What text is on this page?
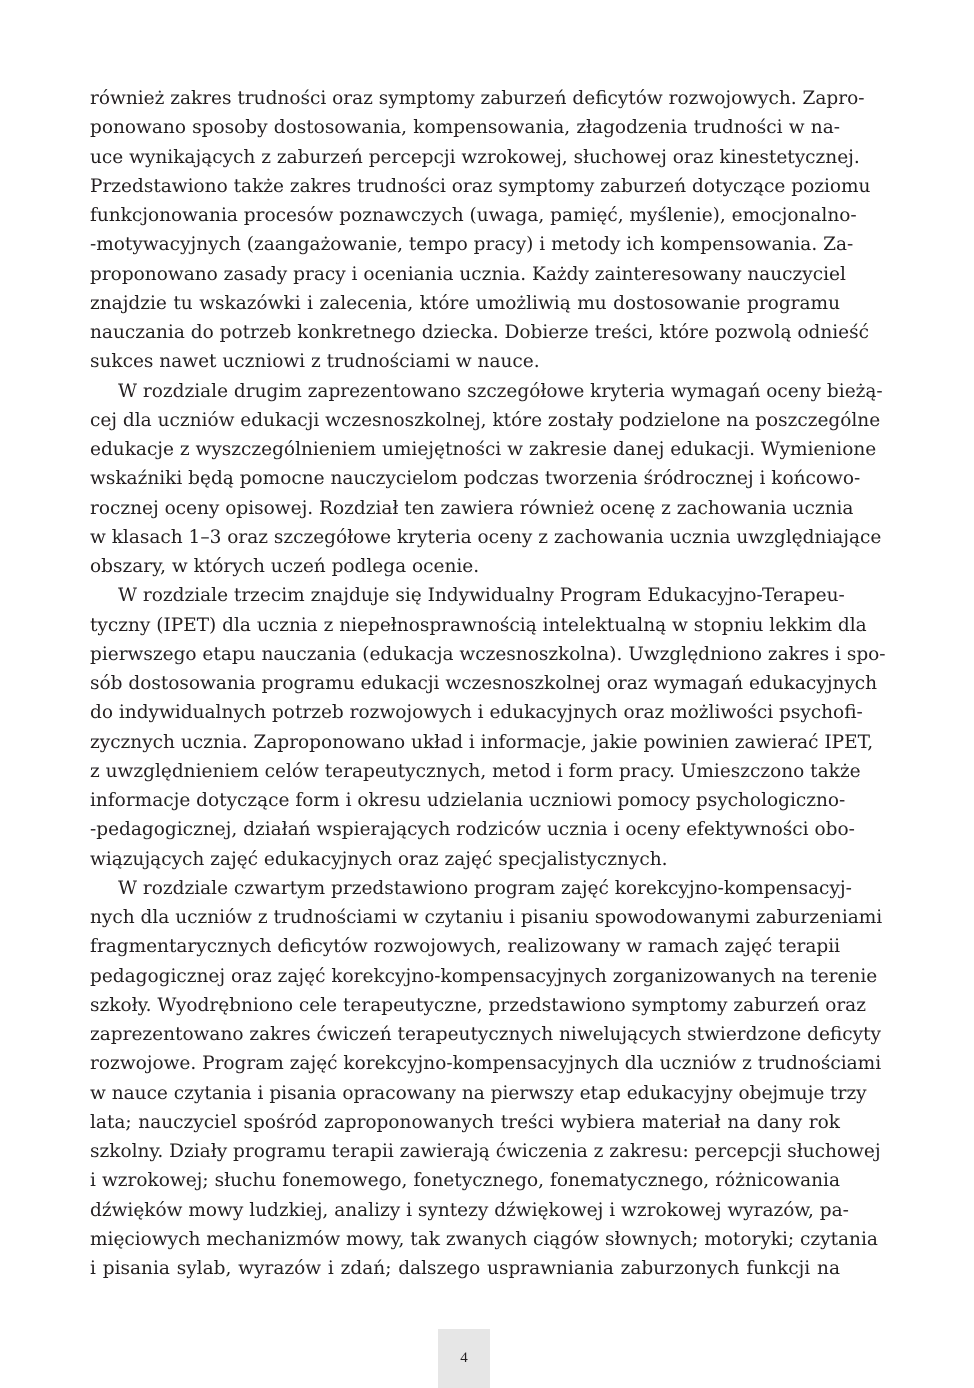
również zakres trudności oraz symptomy zaburzeń deficytów rozwojowych. Zapro-
ponowano sposoby dostosowania, kompensowania, złagodzenia trudności w na-
uce wynikających z zaburzeń percepcji wzrokowej, słuchowej oraz kinestetycznej.
Przedstawiono także zakres trudności oraz symptomy zaburzeń dotyczące poziomu
funkcjonowania procesów poznawczych (uwaga, pamięć, myślenie), emocjonalno-
-motywacyjnych (zaangażowanie, tempo pracy) i metody ich kompensowania. Za-
proponowano zasady pracy i oceniania ucznia. Każdy zainteresowany nauczyciel
znajdzie tu wskazówki i zalecenia, które umożliwią mu dostosowanie programu
nauczania do potrzeb konkretnego dziecka. Dobierze treści, które pozwolą odnieść
sukces nawet uczniowi z trudnościami w nauce.
W rozdziale drugim zaprezentowano szczegółowe kryteria wymagań oceny bieżą-
cej dla uczniów edukacji wczesnoszkolnej, które zostały podzielone na poszczególne
edukacje z wyszczególnieniem umiejętności w zakresie danej edukacji. Wymienione
wskaźniki będą pomocne nauczycielom podczas tworzenia śródrocznej i końcowo-
rocznej oceny opisowej. Rozdział ten zawiera również ocenę z zachowania ucznia
w klasach 1–3 oraz szczegółowe kryteria oceny z zachowania ucznia uwzględniające
obszary, w których uczeń podlega ocenie.
W rozdziale trzecim znajduje się Indywidualny Program Edukacyjno-Terapeu-
tyczny (IPET) dla ucznia z niepełnosprawnością intelektualną w stopniu lekkim dla
pierwszego etapu nauczania (edukacja wczesnoszkolna). Uwzględniono zakres i spo-
sób dostosowania programu edukacji wczesnoszkolnej oraz wymagań edukacyjnych
do indywidualnych potrzeb rozwojowych i edukacyjnych oraz możliwości psychofi-
zycznych ucznia. Zaproponowano układ i informacje, jakie powinien zawierać IPET,
z uwzględnieniem celów terapeutycznych, metod i form pracy. Umieszczono także
informacje dotyczące form i okresu udzielania uczniowi pomocy psychologiczno-
-pedagogicznej, działań wspierających rodziców ucznia i oceny efektywności obo-
wiązujących zajęć edukacyjnych oraz zajęć specjalistycznych.
W rozdziale czwartym przedstawiono program zajęć korekcyjno-kompensacyj-
nych dla uczniów z trudnościami w czytaniu i pisaniu spowodowanymi zaburzeniami
fragmentarycznych deficytów rozwojowych, realizowany w ramach zajęć terapii
pedagogicznej oraz zajęć korekcyjno-kompensacyjnych zorganizowanych na terenie
szkoły. Wyodrębniono cele terapeutyczne, przedstawiono symptomy zaburzeń oraz
zaprezentowano zakres ćwiczeń terapeutycznych niwelujących stwierdzone deficyty
rozwojowe. Program zajęć korekcyjno-kompensacyjnych dla uczniów z trudnościami
w nauce czytania i pisania opracowany na pierwszy etap edukacyjny obejmuje trzy
lata; nauczyciel spośród zaproponowanych treści wybiera materiał na dany rok
szkolny. Działy programu terapii zawierają ćwiczenia z zakresu: percepcji słuchowej
i wzrokowej; słuchu fonemowego, fonetycznego, fonematycznego, różnicowania
dźwięków mowy ludzkiej, analizy i syntezy dźwiękowej i wzrokowej wyrazów, pa-
mięciowych mechanizmów mowy, tak zwanych ciągów słownych; motoryki; czytania
i pisania sylab, wyrazów i zdań; dalszego usprawniania zaburzonych funkcji na
4
